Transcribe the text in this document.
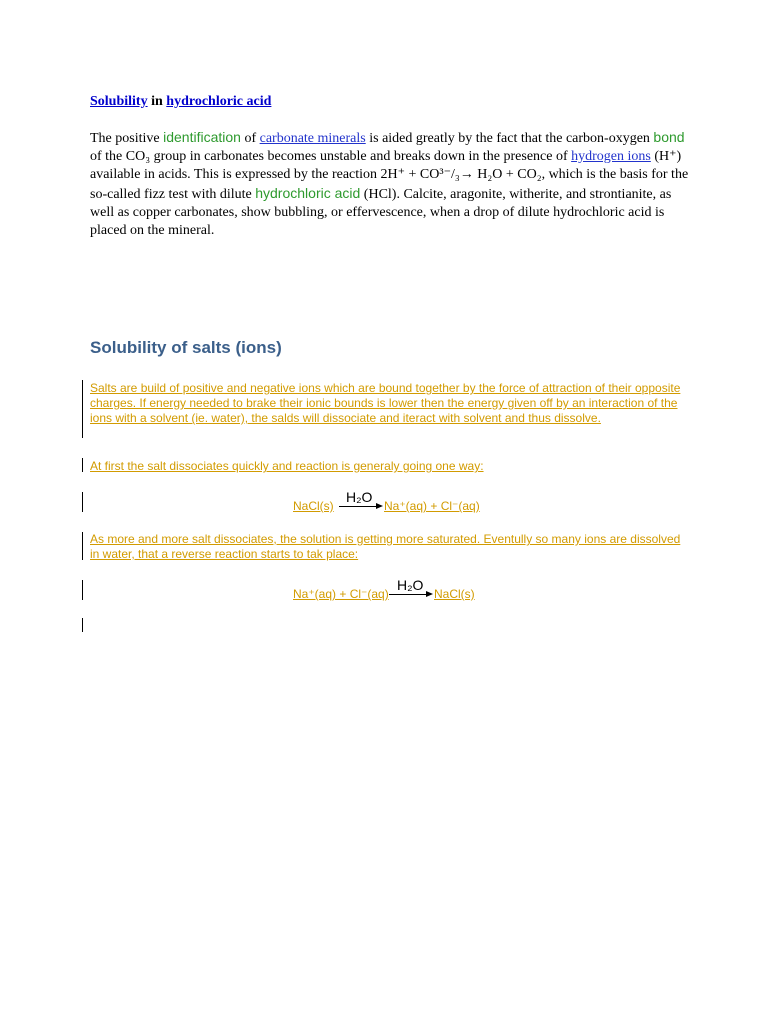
Solubility in hydrochloric acid
The positive identification of carbonate minerals is aided greatly by the fact that the carbon-oxygen bond of the CO₃ group in carbonates becomes unstable and breaks down in the presence of hydrogen ions (H⁺) available in acids. This is expressed by the reaction 2H⁺ + CO³⁻/₃→ H₂O + CO₂, which is the basis for the so-called fizz test with dilute hydrochloric acid (HCl). Calcite, aragonite, witherite, and strontianite, as well as copper carbonates, show bubbling, or effervescence, when a drop of dilute hydrochloric acid is placed on the mineral.
Solubility of salts (ions)
Salts are build of positive and negative ions which are bound together by the force of attraction of their opposite charges. If energy needed to brake their ionic bounds is lower then the energy given off by an interaction of the ions with a solvent (ie. water), the salds will dissociate and iteract with solvent and thus dissolve.
At first the salt dissociates quickly and reaction is generaly going one way:
As more and more salt dissociates, the solution is getting more saturated. Eventully so many ions are dissolved in water, that a reverse reaction starts to tak place:
NaCl(s)
H₂O
Na⁺(aq) + Cl⁻(aq)
Na⁺(aq) + Cl⁻(aq)
H₂O
NaCl(s)
